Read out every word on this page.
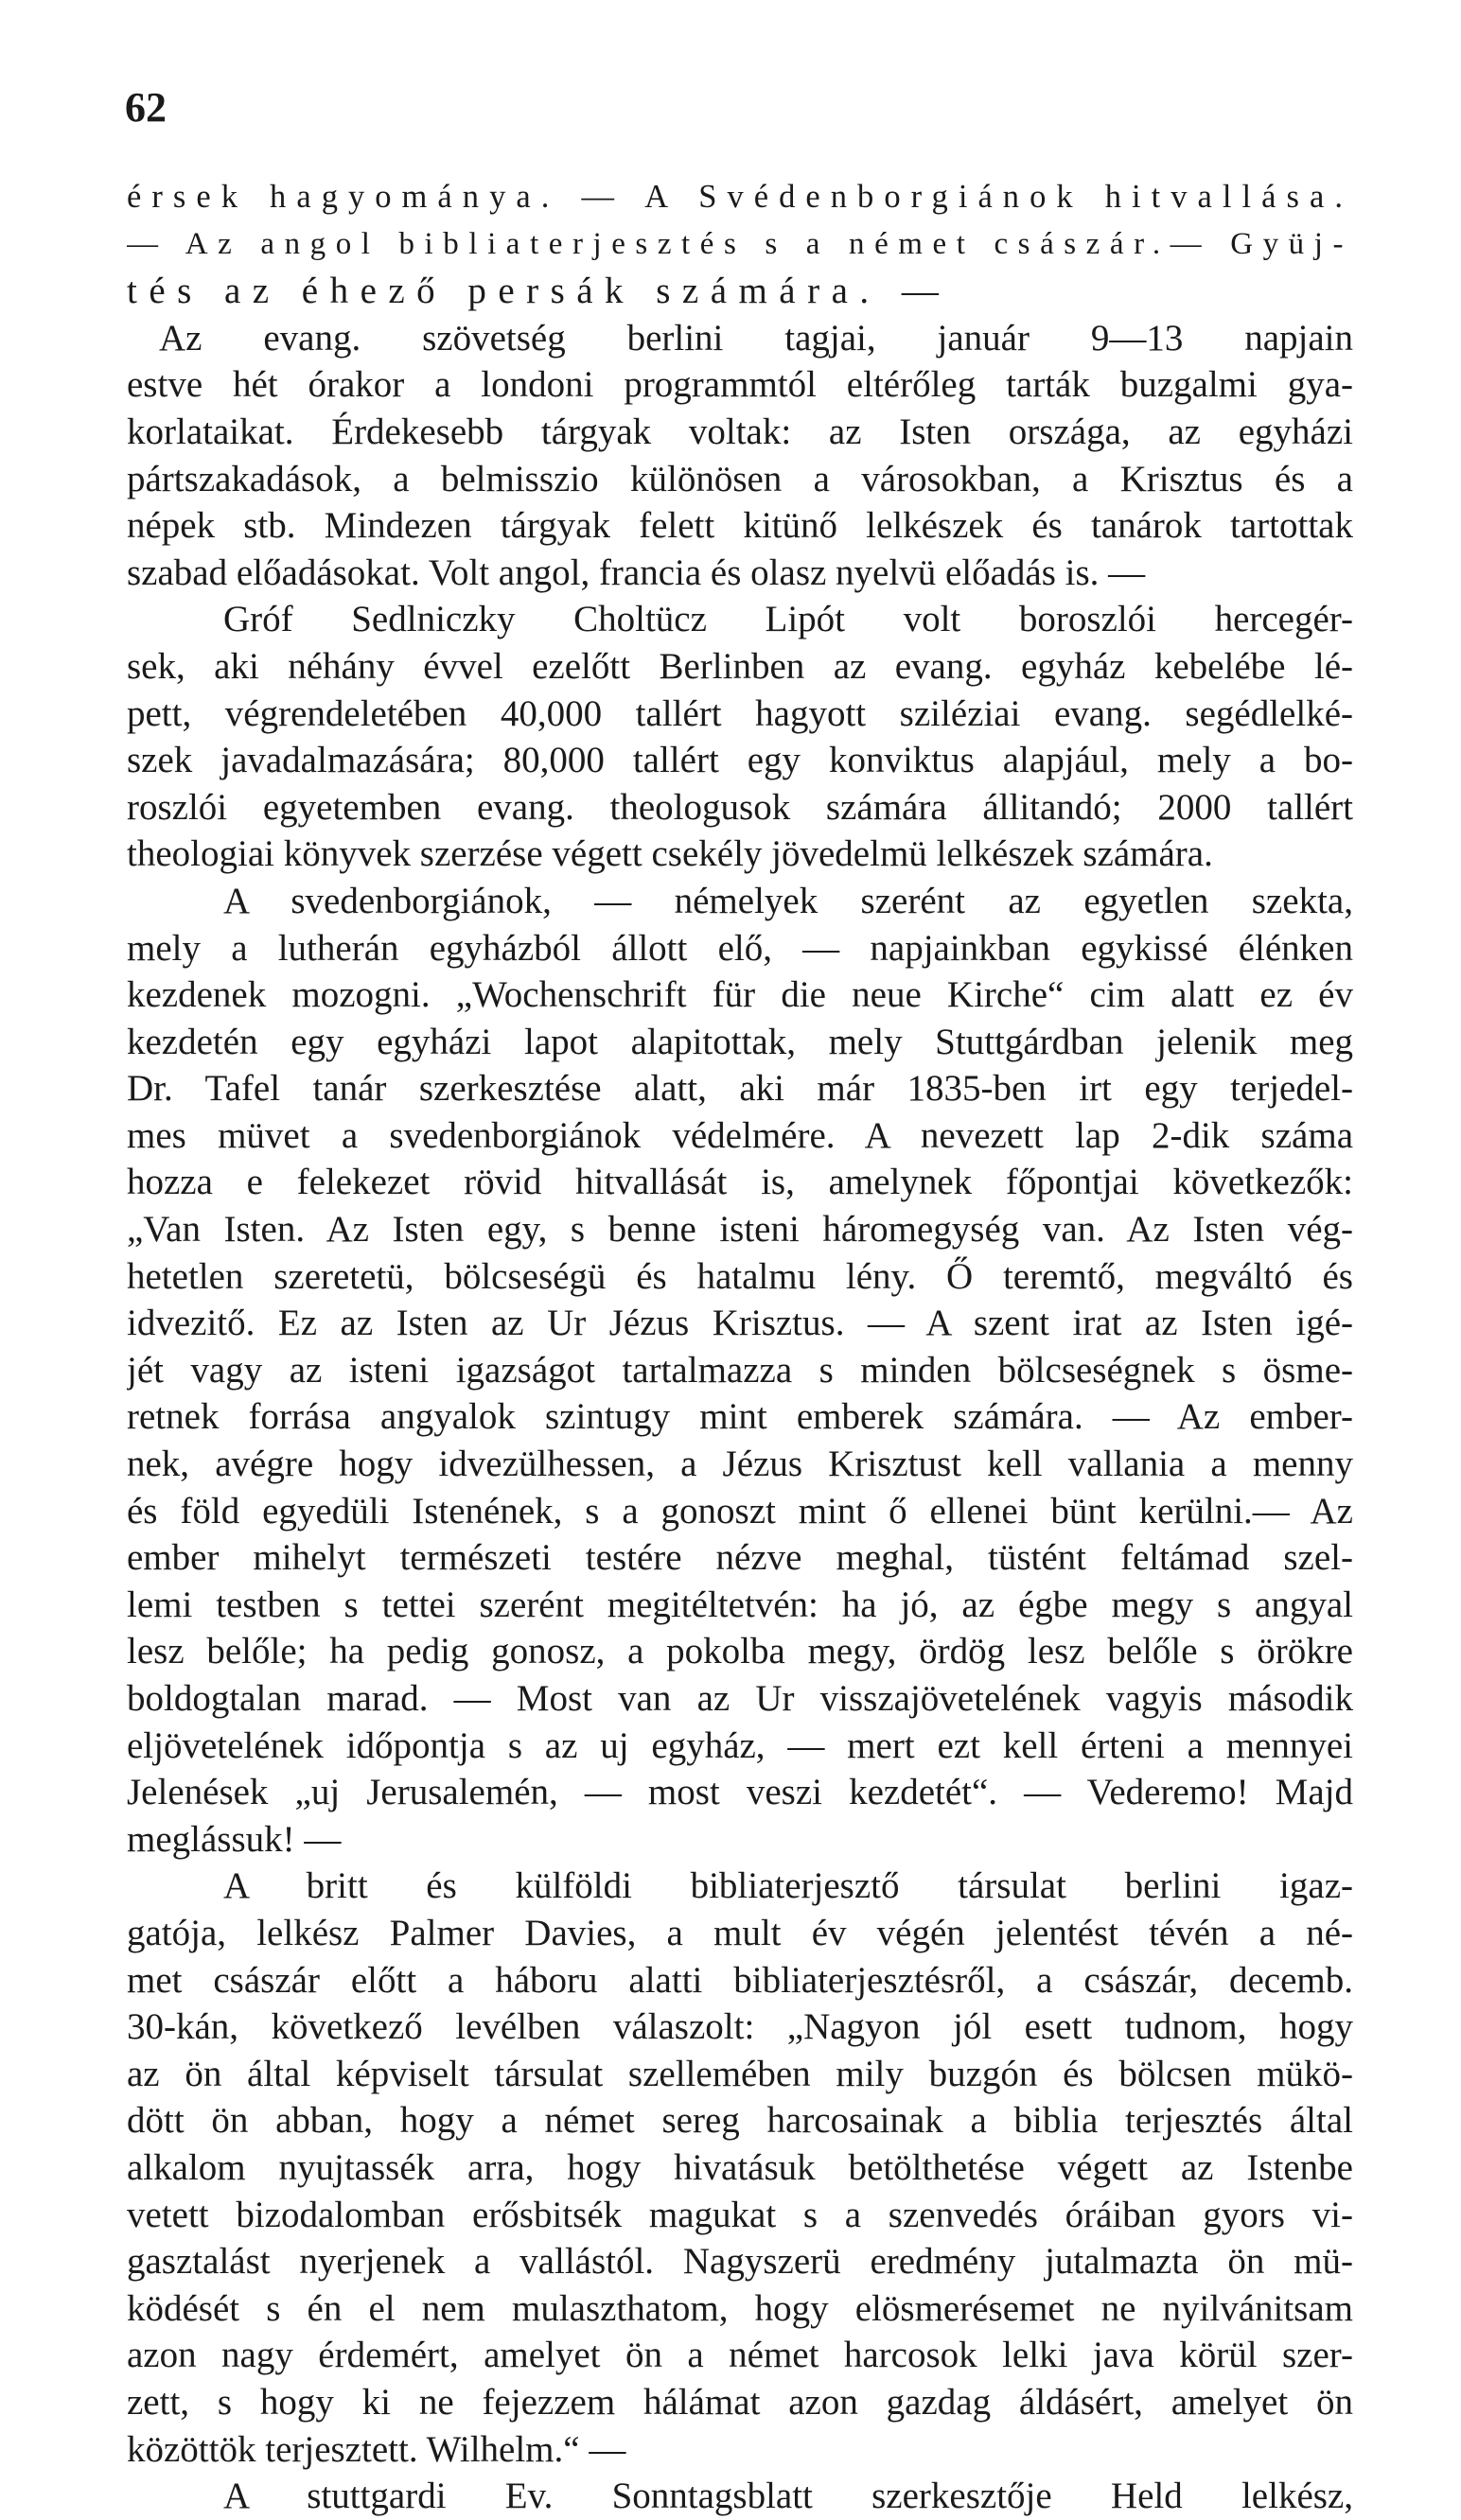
62
érsek hagyománya. — A Svédenborgiánok hitvallása.
— Az angol bibliaterjesztés s a német császár.— Gyüj-
tés az éhező persák számára. —
Az evang. szövetség berlini tagjai, január 9—13 napjain
estve hét órakor a londoni programmtól eltérőleg tarták buzgalmi gya-
korlataikat. Érdekesebb tárgyak voltak: az Isten országa, az egyházi
pártszakadások, a belmisszio különösen a városokban, a Krisztus és a
népek stb. Mindezen tárgyak felett kitünő lelkészek és tanárok tartottak
szabad előadásokat. Volt angol, francia és olasz nyelvü előadás is. —
Gróf Sedlniczky Choltücz Lipót volt boroszlói hercegér-
sek, aki néhány évvel ezelőtt Berlinben az evang. egyház kebelébe lé-
pett, végrendeletében 40,000 tallért hagyott sziléziai evang. segédlelké-
szek javadalmazására; 80,000 tallért egy konviktus alapjául, mely a bo-
roszlói egyetemben evang. theologusok számára állitandó; 2000 tallért
theologiai könyvek szerzése végett csekély jövedelmü lelkészek számára.
A svedenborgiánok, — némelyek szerént az egyetlen szekta,
mely a lutherán egyházból állott elő, — napjainkban egykissé élénken
kezdenek mozogni. „Wochenschrift für die neue Kirche“ cim alatt ez év
kezdetén egy egyházi lapot alapitottak, mely Stuttgárdban jelenik meg
Dr. Tafel tanár szerkesztése alatt, aki már 1835-ben irt egy terjedel-
mes müvet a svedenborgiánok védelmére. A nevezett lap 2-dik száma
hozza e felekezet rövid hitvallását is, amelynek főpontjai következők:
„Van Isten. Az Isten egy, s benne isteni háromegység van. Az Isten vég-
hetetlen szeretetü, bölcseségü és hatalmu lény. Ő teremtő, megváltó és
idvezitő. Ez az Isten az Ur Jézus Krisztus. — A szent irat az Isten igé-
jét vagy az isteni igazságot tartalmazza s minden bölcseségnek s ösme-
retnek forrása angyalok szintugy mint emberek számára. — Az ember-
nek, avégre hogy idvezülhessen, a Jézus Krisztust kell vallania a menny
és föld egyedüli Istenének, s a gonoszt mint ő ellenei bünt kerülni.— Az
ember mihelyt természeti testére nézve meghal, tüstént feltámad szel-
lemi testben s tettei szerént megitéltetvén: ha jó, az égbe megy s angyal
lesz belőle; ha pedig gonosz, a pokolba megy, ördög lesz belőle s örökre
boldogtalan marad. — Most van az Ur visszajövetelének vagyis második
eljövetelének időpontja s az uj egyház, — mert ezt kell érteni a mennyei
Jelenések „uj Jerusalemén, — most veszi kezdetét“. — Vederemo! Majd
meglássuk! —
A britt és külföldi bibliaterjesztő társulat berlini igaz-
gatója, lelkész Palmer Davies, a mult év végén jelentést tévén a né-
met császár előtt a háboru alatti bibliaterjesztésről, a császár, decemb.
30-kán, következő levélben válaszolt: „Nagyon jól esett tudnom, hogy
az ön által képviselt társulat szellemében mily buzgón és bölcsen mükö-
dött ön abban, hogy a német sereg harcosainak a biblia terjesztés által
alkalom nyujtassék arra, hogy hivatásuk betölthetése végett az Istenbe
vetett bizodalomban erősbitsék magukat s a szenvedés óráiban gyors vi-
gasztalást nyerjenek a vallástól. Nagyszerü eredmény jutalmazta ön mü-
ködését s én el nem mulaszthatom, hogy elösmerésemet ne nyilvánitsam
azon nagy érdemért, amelyet ön a német harcosok lelki java körül szer-
zett, s hogy ki ne fejezzem hálámat azon gazdag áldásért, amelyet ön
közöttök terjesztett. Wilhelm.“ —
A stuttgardi Ev. Sonntagsblatt szerkesztője Held lelkész,
